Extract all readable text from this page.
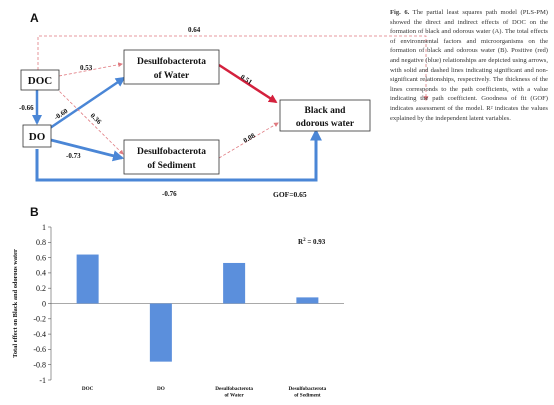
A
0.64
0.53
-0.66	-0.60	0.36
-0.73
0.51
0.08
-0.76	GOF=0.65
DOC
DO
Desulfobacterota
of Water
Desulfobacterota
of Sediment
Black and
odorous water
B
Total effect on Black and odorous water
-1
-0.8
-0.6
-0.4
-0.2
0
0.2
0.4
0.6
0.8
1
DOC	DO	Desulfobacterota
of Water
Desulfobacterota
of Sediment
$R^2 = 0.93$
Fig. 6. The partial least squares path model (PLS-PM) showed the direct and indirect effects of DOC on the formation of black and odorous water (A). The total effects of environmental factors and microorganisms on the formation of black and odorous water (B). Positive (red) and negative (blue) relationships are depicted using arrows, with solid and dashed lines indicating significant and non-significant relationships, respectively. The thickness of the lines corresponds to the path coefficients, with a value indicating the path coefficient. Goodness of fit (GOF) indicates assessment of the model. R² indicates the values explained by the independent latent variables.
